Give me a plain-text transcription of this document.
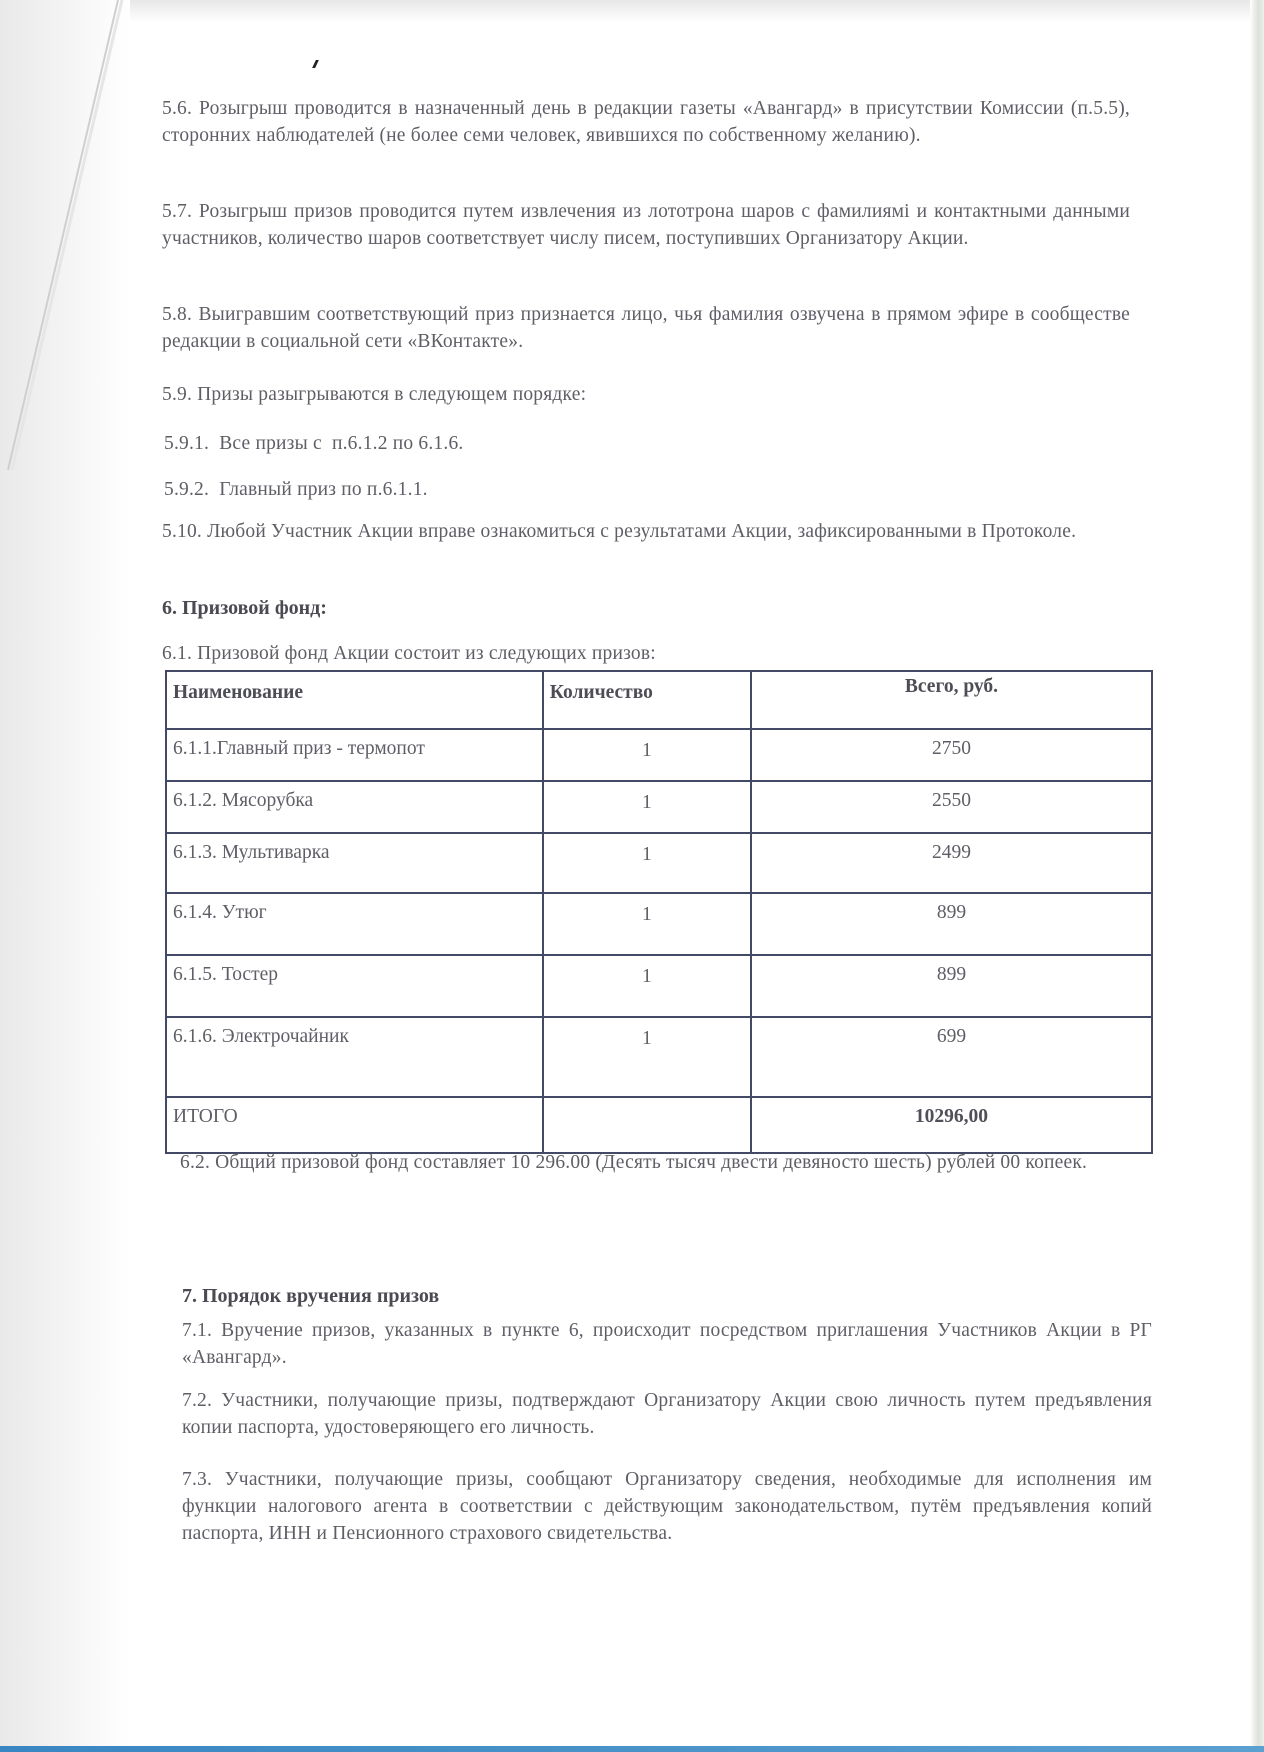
5.6. Розыгрыш проводится в назначенный день в редакции газеты «Авангард» в присутствии Комиссии (п.5.5), сторонних наблюдателей (не более семи человек, явившихся по собственному желанию).
5.7. Розыгрыш призов проводится путем извлечения из лототрона шаров с фамилиямі и контактными данными участников, количество шаров соответствует числу писем, поступивших Организатору Акции.
5.8. Выигравшим соответствующий приз признается лицо, чья фамилия озвучена в прямом эфире в сообществе редакции в социальной сети «ВКонтакте».
5.9. Призы разыгрываются в следующем порядке:
5.9.1.  Все призы с  п.6.1.2 по 6.1.6.
5.9.2.  Главный приз по п.6.1.1.
5.10. Любой Участник Акции вправе ознакомиться с результатами Акции, зафиксированными в Протоколе.
6. Призовой фонд:
6.1. Призовой фонд Акции состоит из следующих призов:
Наименование	Количество	Всего, руб.
6.1.1.Главный приз - термопот	1	2750
6.1.2. Мясорубка	1	2550
6.1.3. Мультиварка	1	2499
6.1.4. Утюг	1	899
6.1.5. Тостер	1	899
6.1.6. Электрочайник	1	699
ИТОГО		10296,00
6.2. Общий призовой фонд составляет 10 296.00 (Десять тысяч двести девяносто шесть) рублей 00 копеек.
7. Порядок вручения призов
7.1. Вручение призов, указанных в пункте 6, происходит посредством приглашения Участников Акции в РГ «Авангард».
7.2. Участники, получающие призы, подтверждают Организатору Акции свою личность путем предъявления копии паспорта, удостоверяющего его личность.
7.3. Участники, получающие призы, сообщают Организатору сведения, необходимые для исполнения им функции налогового агента в соответствии с действующим законодательством, путём предъявления копий паспорта, ИНН и Пенсионного страхового свидетельства.
